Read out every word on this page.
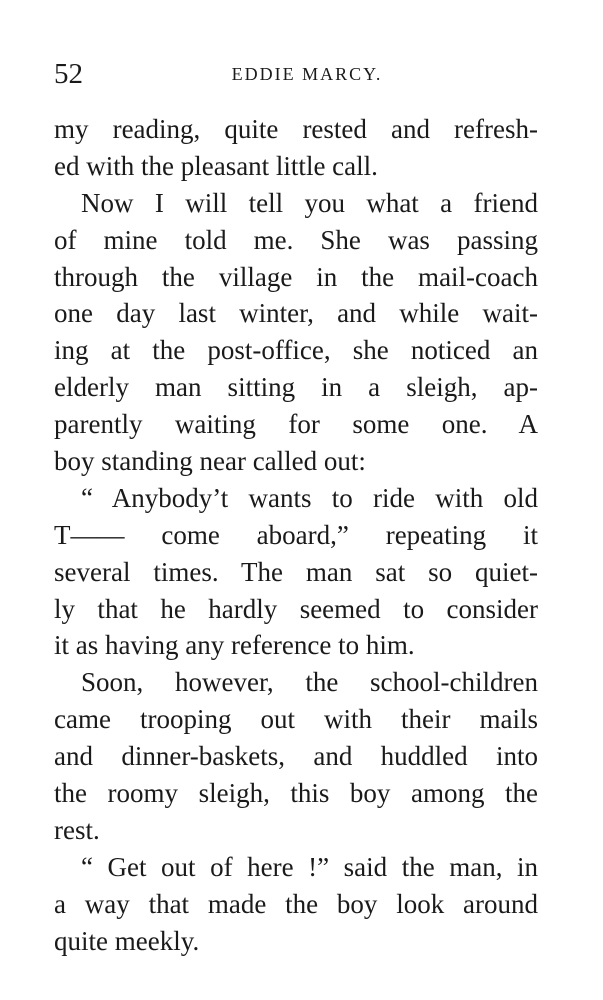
52	EDDIE MARCY.

my reading, quite rested and refresh-
ed with the pleasant little call.

Now I will tell you what a friend
of mine told me. She was passing
through the village in the mail-coach
one day last winter, and while wait-
ing at the post-office, she noticed an
elderly man sitting in a sleigh, ap-
parently waiting for some one. A
boy standing near called out:

“ Anybody’t wants to ride with old
T—— come aboard,” repeating it
several times. The man sat so quiet-
ly that he hardly seemed to consider
it as having any reference to him.

Soon, however, the school-children
came trooping out with their mails
and dinner-baskets, and huddled into
the roomy sleigh, this boy among the
rest.

“ Get out of here !” said the man, in
a way that made the boy look around
quite meekly.
